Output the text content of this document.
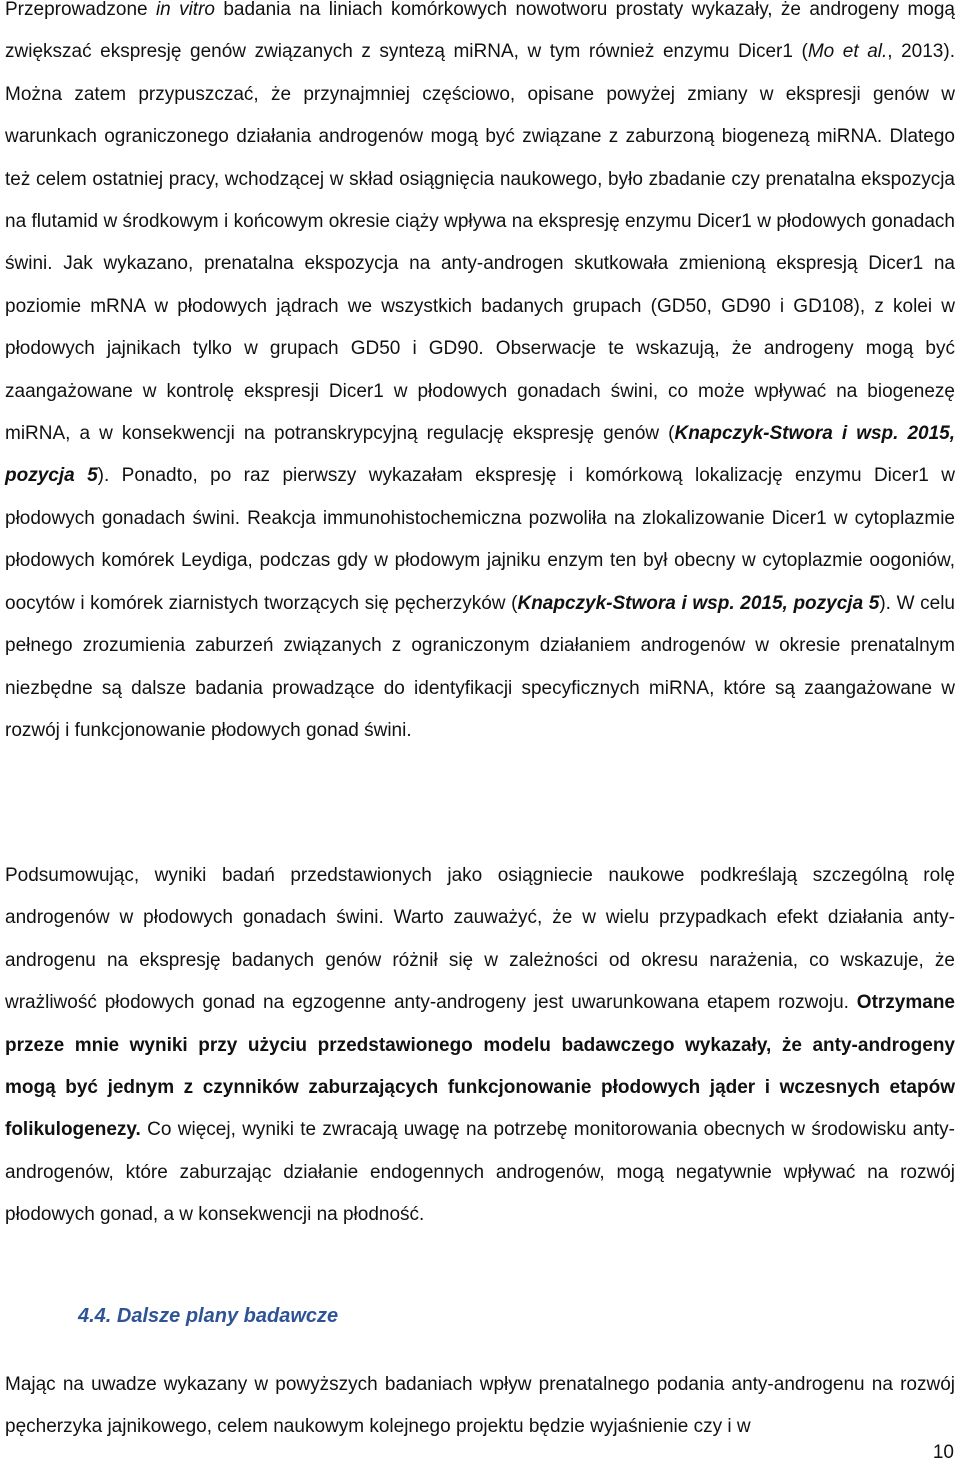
Przeprowadzone in vitro badania na liniach komórkowych nowotworu prostaty wykazały, że androgeny mogą zwiększać ekspresję genów związanych z syntezą miRNA, w tym również enzymu Dicer1 (Mo et al., 2013). Można zatem przypuszczać, że przynajmniej częściowo, opisane powyżej zmiany w ekspresji genów w warunkach ograniczonego działania androgenów mogą być związane z zaburzoną biogenezą miRNA. Dlatego też celem ostatniej pracy, wchodzącej w skład osiągnięcia naukowego, było zbadanie czy prenatalna ekspozycja na flutamid w środkowym i końcowym okresie ciąży wpływa na ekspresję enzymu Dicer1 w płodowych gonadach świni. Jak wykazano, prenatalna ekspozycja na anty-androgen skutkowała zmienioną ekspresją Dicer1 na poziomie mRNA w płodowych jądrach we wszystkich badanych grupach (GD50, GD90 i GD108), z kolei w płodowych jajnikach tylko w grupach GD50 i GD90. Obserwacje te wskazują, że androgeny mogą być zaangażowane w kontrolę ekspresji Dicer1 w płodowych gonadach świni, co może wpływać na biogenezę miRNA, a w konsekwencji na potranskrypcyjną regulację ekspresję genów (Knapczyk-Stwora i wsp. 2015, pozycja 5). Ponadto, po raz pierwszy wykazałam ekspresję i komórkową lokalizację enzymu Dicer1 w płodowych gonadach świni. Reakcja immunohistochemiczna pozwoliła na zlokalizowanie Dicer1 w cytoplazmie płodowych komórek Leydiga, podczas gdy w płodowym jajniku enzym ten był obecny w cytoplazmie oogoniów, oocytów i komórek ziarnistych tworzących się pęcherzyków (Knapczyk-Stwora i wsp. 2015, pozycja 5). W celu pełnego zrozumienia zaburzeń związanych z ograniczonym działaniem androgenów w okresie prenatalnym niezbędne są dalsze badania prowadzące do identyfikacji specyficznych miRNA, które są zaangażowane w rozwój i funkcjonowanie płodowych gonad świni.

Podsumowując, wyniki badań przedstawionych jako osiągniecie naukowe podkreślają szczególną rolę androgenów w płodowych gonadach świni. Warto zauważyć, że w wielu przypadkach efekt działania anty-androgenu na ekspresję badanych genów różnił się w zależności od okresu narażenia, co wskazuje, że wrażliwość płodowych gonad na egzogenne anty-androgeny jest uwarunkowana etapem rozwoju. Otrzymane przeze mnie wyniki przy użyciu przedstawionego modelu badawczego wykazały, że anty-androgeny mogą być jednym z czynników zaburzających funkcjonowanie płodowych jąder i wczesnych etapów folikulogenezy. Co więcej, wyniki te zwracają uwagę na potrzebę monitorowania obecnych w środowisku anty-androgenów, które zaburzając działanie endogennych androgenów, mogą negatywnie wpływać na rozwój płodowych gonad, a w konsekwencji na płodność.

4.4. Dalsze plany badawcze

Mając na uwadze wykazany w powyższych badaniach wpływ prenatalnego podania anty-androgenu na rozwój pęcherzyka jajnikowego, celem naukowym kolejnego projektu będzie wyjaśnienie czy i w

10
